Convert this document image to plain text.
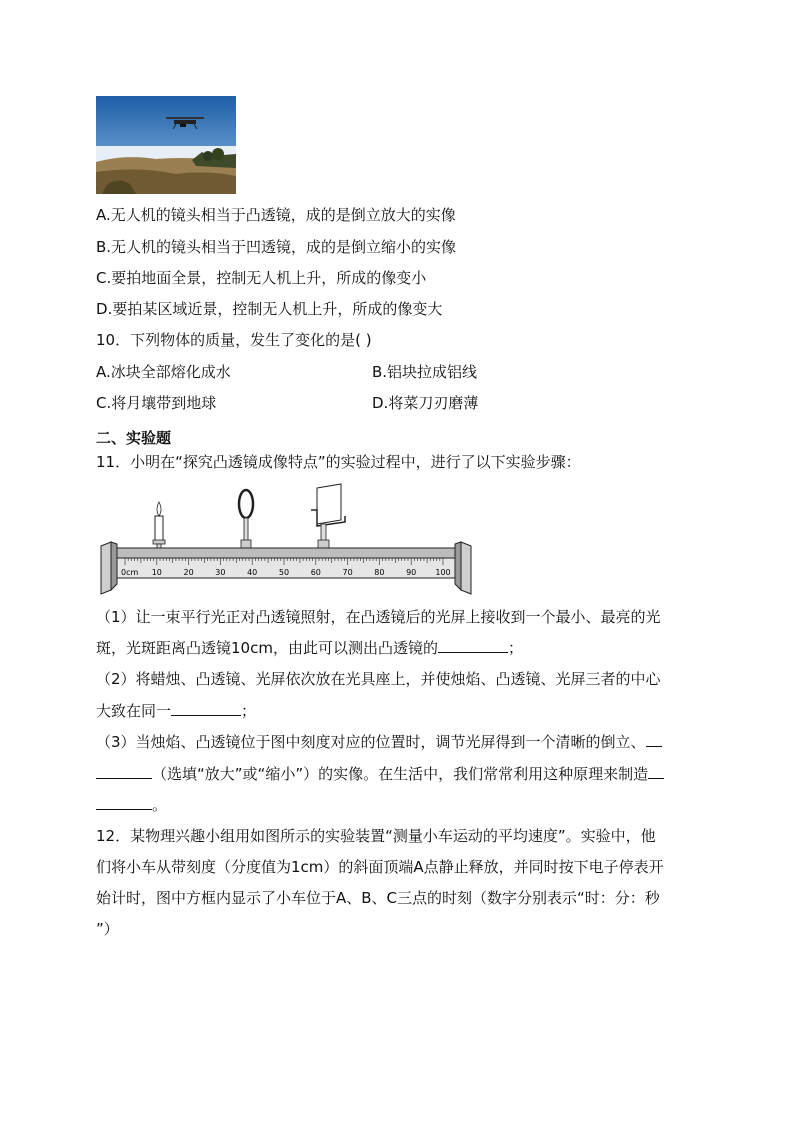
A.无人机的镜头相当于凸透镜，成的是倒立放大的实像
B.无人机的镜头相当于凹透镜，成的是倒立缩小的实像
C.要拍地面全景，控制无人机上升，所成的像变小
D.要拍某区域近景，控制无人机上升，所成的像变大
10．下列物体的质量，发生了变化的是( )
A.冰块全部熔化成水	B.铝块拉成铝线
C.将月壤带到地球	D.将菜刀刃磨薄
二、实验题
11．小明在“探究凸透镜成像特点”的实验过程中，进行了以下实验步骤：
0cm 10	20	30	40	50	60	70	80	90 100
（1）让一束平行光正对凸透镜照射，在凸透镜后的光屏上接收到一个最小、最亮的光
斑，光斑距离凸透镜10cm，由此可以测出凸透镜的	；
（2）将蜡烛、凸透镜、光屏依次放在光具座上，并使烛焰、凸透镜、光屏三者的中心
大致在同一	；
（3）当烛焰、凸透镜位于图中刻度对应的位置时，调节光屏得到一个清晰的倒立、
（选填“放大”或“缩小”）的实像。在生活中，我们常常利用这种原理来制造
。
12．某物理兴趣小组用如图所示的实验装置“测量小车运动的平均速度”。实验中，他
们将小车从带刻度（分度值为1cm）的斜面顶端A点静止释放，并同时按下电子停表开
始计时，图中方框内显示了小车位于A、B、C三点的时刻（数字分别表示“时：分：秒
”）
